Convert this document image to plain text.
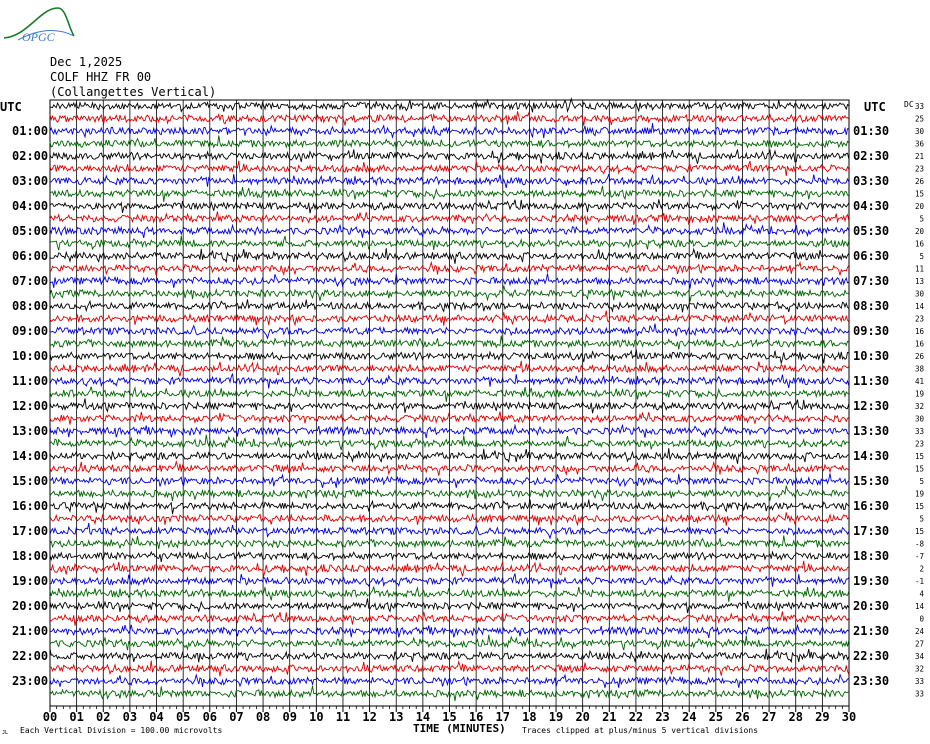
OPGC
Dec 1,2025
COLF HHZ FR 00
(Collangettes Vertical)
UTC	UTC DC
01:00
02:00
03:00
04:00
05:00
06:00
07:00
08:00
09:00
10:00
11:00
12:00
13:00
14:00
15:00
16:00
17:00
18:00
19:00
20:00
21:00
22:00
23:00
01:30
02:30
03:30
04:30
05:30
06:30
07:30
08:30
09:30
10:30
11:30
12:30
13:30
14:30
15:30
16:30
17:30
18:30
19:30
20:30
21:30
22:30
23:30
33
25
30
36
21
23
26
15
20
5
20
16
5
11
13
30
14
23
16
16
26
38
41
19
32
30
33
23
15
15
5
19
15
5
15
-8
-7
2
-1
4
14
0
24
27
34
32
33
33
00 01 02 03 04 05 06 07 08 09 10 11 12 13 14 15 16 17 18 19 20 21 22 23 24 25 26 27 28 29 30
JL Each Vertical Division = 100.00 microvolts	TIME (MINUTES) Traces clipped at plus/minus 5 vertical divisions
